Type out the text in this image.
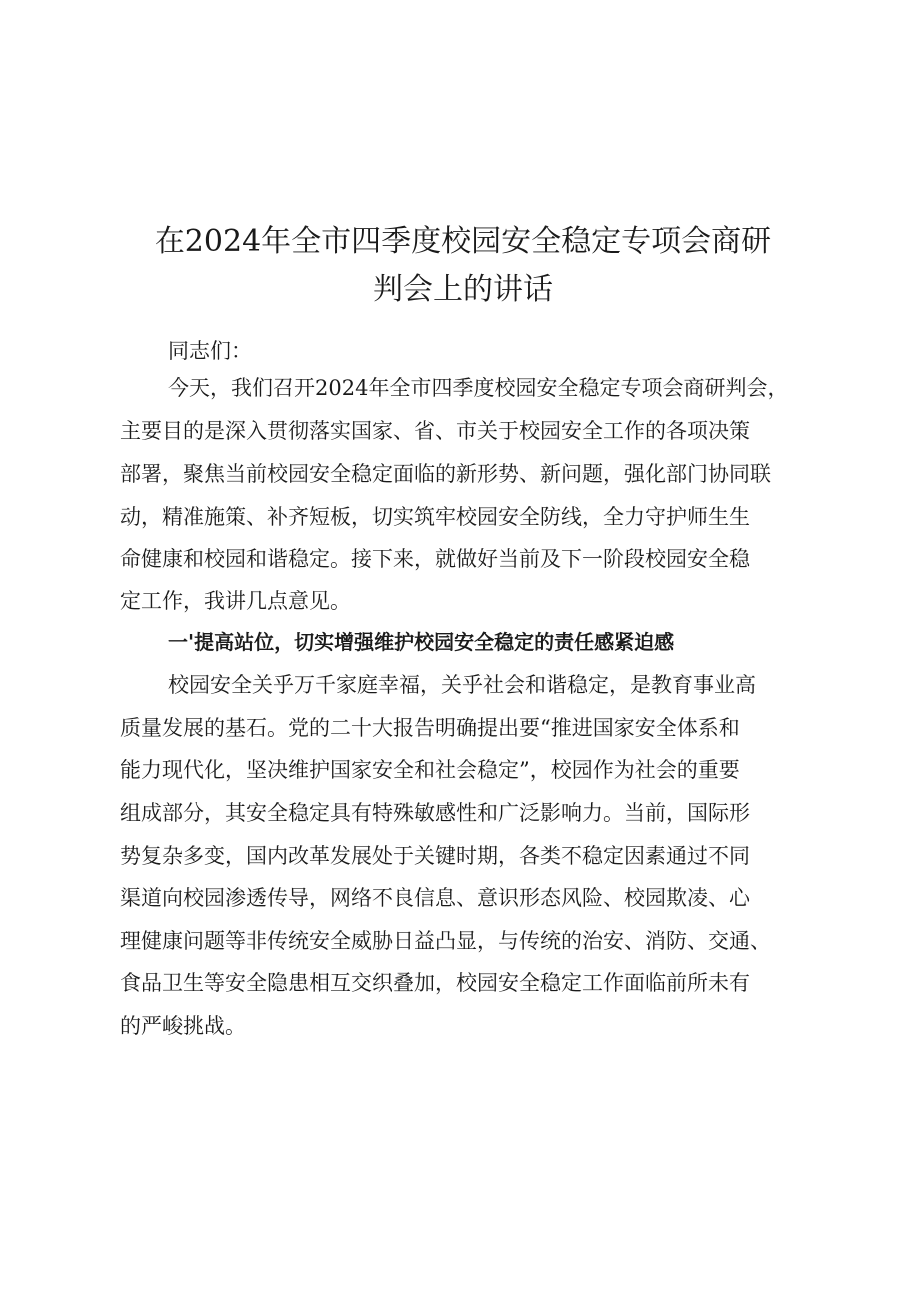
在2024年全市四季度校园安全稳定专项会商研
判会上的讲话

同志们：

今天，我们召开2024年全市四季度校园安全稳定专项会商研判会，

主要目的是深入贯彻落实国家、省、市关于校园安全工作的各项决策

部署，聚焦当前校园安全稳定面临的新形势、新问题，强化部门协同联

动，精准施策、补齐短板，切实筑牢校园安全防线，全力守护师生生

命健康和校园和谐稳定。接下来，就做好当前及下一阶段校园安全稳

定工作，我讲几点意见。

一'提高站位，切实增强维护校园安全稳定的责任感紧迫感

校园安全关乎万千家庭幸福，关乎社会和谐稳定，是教育事业高

质量发展的基石。党的二十大报告明确提出要“推进国家安全体系和

能力现代化，坚决维护国家安全和社会稳定”，校园作为社会的重要

组成部分，其安全稳定具有特殊敏感性和广泛影响力。当前，国际形

势复杂多变，国内改革发展处于关键时期，各类不稳定因素通过不同

渠道向校园渗透传导，网络不良信息、意识形态风险、校园欺凌、心

理健康问题等非传统安全威胁日益凸显，与传统的治安、消防、交通、

食品卫生等安全隐患相互交织叠加，校园安全稳定工作面临前所未有

的严峻挑战。
